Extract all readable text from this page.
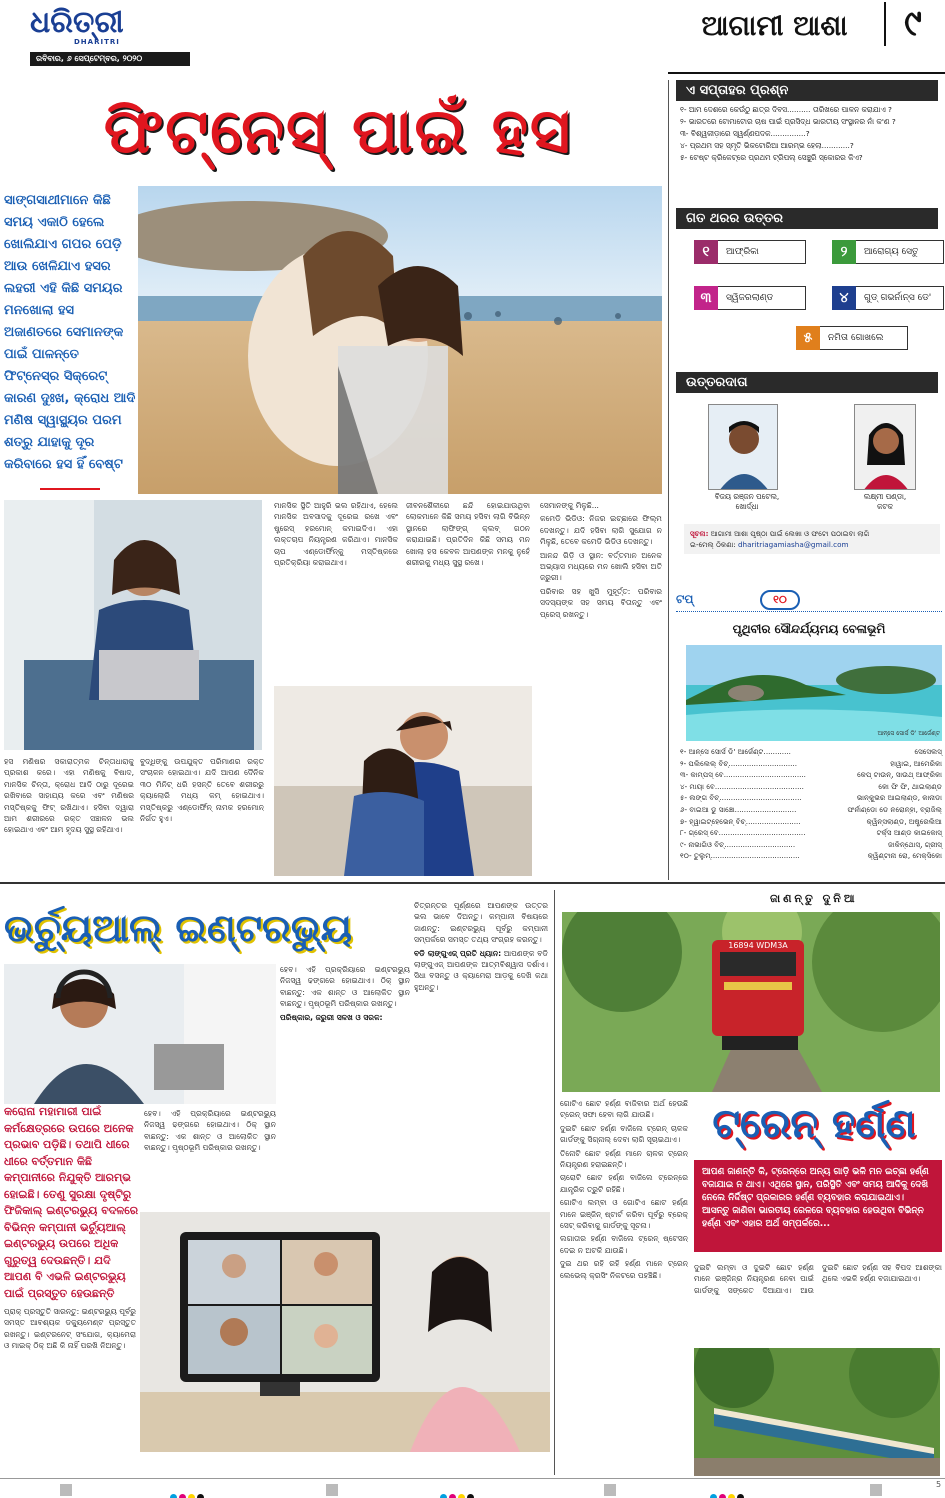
ଧରିତ୍ରୀ
DHARITRI
ରବିବାର, ୬ ସେପ୍ଟେମ୍ବର, ୨୦୨୦
ଆଗାମୀ ଆଶା	୯
ଫିଟ୍‌ନେସ୍‌ ପାଇଁ ହସ
ସାଙ୍ଗସାଥୀମାନେ କିଛି ସମୟ ଏକାଠି ହେଲେ ଖୋଲିଯାଏ ଗପର ପେଡ଼ି ଆଉ ଖେଳିଯାଏ ହସର ଲହରୀ ଏହି କିଛି ସମୟର ମନଖୋଲା ହସ ଅଜାଣତରେ ସେମାନଙ୍କ ପାଇଁ ପାଳନ୍ତେ ଫିଟ୍‌ନେସ୍‌ର ସିକ୍ରେଟ୍ କାରଣ ଦୁଃଖ, କ୍ରୋଧ ଆଦି ମଣିଷ ସ୍ୱାସ୍ଥ୍ୟର ପରମ ଶତ୍ରୁ ଯାହାକୁ ଦୂର କରିବାରେ ହସ ହିଁ ବେଷ୍ଟ

ହସ ମଣିଷର ସକାରାତ୍ମକ ଚିନ୍ତାଧାରାକୁ ପ୍ରକାଶ କରେ। ଏହା ମଣିଷକୁ ବିଷାଦ, ମାନସିକ ଚିନ୍ତା, କ୍ରୋଧ ଆଦି ଠାରୁ ଦୂରେଇ ରଖିବାରେ ସାହାଯ୍ୟ କରେ ଏବଂ ମଣିଷର ମସ୍ତିଷ୍କକୁ ଫିଟ୍ ରଖିଥାଏ। ହସିବା ଦ୍ୱାରା ଆମ ଶରୀରରେ ରକ୍ତ ସଞ୍ଚାଳନ ଭଲ ହୋଇଥାଏ ଏବଂ ଆମ ହୃଦୟ ସୁସ୍ଥ ରହିଥାଏ।

ବୁଦ୍ଧିଙ୍କୁ ଉପଯୁକ୍ତ ପରିମାଣର ରକ୍ତ ସଂଚାଳନ ହୋଇଥାଏ। ଯଦି ଆପଣ ଦୈନିକ ୩୦ ମିନିଟ୍ ଧରି ହସନ୍ତି ତେବେ ଶରୀରରୁ କ୍ୟାଲୋରି ମଧ୍ୟ କମ୍ ହୋଇଥାଏ। ମସ୍ତିଷ୍କରୁ ଏଣ୍ଡୋର୍ଫିନ୍ ନାମକ ହରମୋନ୍ ନିର୍ଗତ ହୁଏ।

ମାନସିକ ସ୍ଥିତି ଆହୁରି ଭଲ ରହିଥାଏ, ହେଲେ ମାନସିକ ଅବସାଦକୁ ଦୂରେଇ ରଖେ ଏବଂ ଷ୍ଟ୍ରେସ୍ ହରମୋନ୍ କମାଇଦିଏ। ଏହା ଲକ୍ତଚାପ ନିୟନ୍ତ୍ରଣ କରିଥାଏ। ମାନସିକ ଚାପ ଏଣ୍ଡୋର୍ଫିନ୍‌କୁ ମସ୍ତିଷ୍କରେ ପ୍ରତିକ୍ରିୟା କରାଇଥାଏ।

ଜୀବନଶୈଳୀରେ ଛନ୍ଦି ହୋଇଯାଉଥିବା ଲୋକମାନେ କିଛି ସମୟ ହସିବା ଲାଗି ବିଭିନ୍ନ ସ୍ଥାନରେ ଲାଫିଙ୍ଗ୍ କ୍ଲବ୍ ଗଠନ କରାଯାଇଛି। ପ୍ରତିଦିନ କିଛି ସମୟ ମନ ଖୋଲା ହସ କେବଳ ଆପଣଙ୍କ ମନକୁ ନୁହେଁ ଶରୀରକୁ ମଧ୍ୟ ସୁସ୍ଥ ରଖେ।

ସେମାନଙ୍କୁ ମିଳୁଛି...

କମେଡି ଭିଡିଓ: ନିଜର ଇଚ୍ଛାରେ ଫିଲ୍ମ ଦେଖନ୍ତୁ। ଯଦି ହସିବା ଲାଗି ସୁଯୋଗ ନ ମିଳୁଛି, ତେବେ କମେଡି ଭିଡିଓ ଦେଖନ୍ତୁ।

ଆନନ୍ଦ ଗିଡ଼ି ଓ ସ୍ଥାନ: ବର୍ତ୍ତମାନ ଅନେକ ଅଭ୍ୟାସ ମଧ୍ୟରେ ମନ ଖୋଲି ହସିବା ଅତି ଜରୁରୀ।

ପରିବାର ସହ ଖୁସି ମୁହୂର୍ତ୍ତ: ପରିବାର ସଦସ୍ୟଙ୍କ ସହ ସମୟ ବିତାନ୍ତୁ ଏବଂ ପ୍ରେସ୍ ରଖନ୍ତୁ।

ଏ ସପ୍ତାହର ପ୍ରଶ୍ନ
୧- ଆମ ଦେଶରେ କେଉଁଠୁ ଛାତ୍ର ଦିବସ.......... ତାରିଖରେ ପାଳନ କରାଯାଏ ?
୨- ଭାରତରେ ଟୋମାଟୋର ଚାଷ ପାଇଁ ପ୍ରସିଦ୍ଧ ଭାରତୀୟ ସଂସ୍ଥାନର ନାଁ କ'ଣ ?
୩- ବିଶ୍ୱକୀଡ଼ାରେ ସ୍ୱର୍ଣ୍ଣପଦକ...............?
୪- ପ୍ରଥମ ସହ ସ୍ମୃତି ଭିକଟୋରିଆ ଆରମ୍ଭ ହେଲା............?
୫- ଟେଷ୍ଟ କ୍ରିକେଟ୍‌ରେ ପ୍ରଥମ ଟ୍ରିପଲ୍ ସେଞ୍ଚୁରି ସ୍କୋରର କିଏ?
ଗତ ଥରର ଉତ୍ତର
୧	ଆଫ୍ରିକା	୨	ଆରୋଗ୍ୟ ସେତୁ
୩	ସ୍ୱିଜରଲାଣ୍ଡ	୪	ଗୁଡ୍ ଗଭର୍ନାନ୍ସ ଡେ'
୫	ନମିତା ଗୋଖଲେ
ଉତ୍ତରଦାତା
ବିଜୟ ରଞ୍ଜନ ପଟେଲ,
ଖୋର୍ଦ୍ଧା
ଲକ୍ଷ୍ମୀ ପଣ୍ଡା,
କଟକ
ସୂଚନା: ଆଗାମୀ ଆଶା ପୃଷ୍ଠା ପାଇଁ ଲେଖା ଓ ଫଟୋ ପଠାଇବା ଲାଗି
ଇ-ମେଲ୍ ଠିକଣା: dharitriagamiasha@gmail.com
ଟପ୍	୧୦
ପୃଥିବୀର ସୌନ୍ଦର୍ଯ୍ୟମୟ ବେଳାଭୂମି
ଆନ୍ସେ ସୋର୍ସ ଡି' ଆର୍ଜେଣ୍ଟ
୧- ଆନ୍ସେ ସୋର୍ସ ଡି' ଆର୍ଜେଣ୍ଟ............	ସେସେଲସ୍
୨- ପଲିଲେଲ୍ ବିଚ୍..............................	ହାୱାଇ, ଆମେରିକା
୩- କାମ୍ପସ୍ ବେ....................................	କେପ୍ ଟାଉନ୍, ସାଉଥ୍ ଆଫ୍ରିକା
୪- ମାୟା ବେ.......................................	କୋ ଫି ଫି, ଥାଇଲାଣ୍ଡ
୫- ଲଙ୍ଗ ବିଚ୍....................................	ଭାନ୍‌କୁଭର ଆଇଲାଣ୍ଡ, କାନାଡା
୬- ବାଇଆ ଡୁ ସାଞ୍ଚୋ...........................	ଫର୍ନାଣ୍ଡୋ ଡେ ନରୋନ୍ହା, ବ୍ରାଜିଲ୍
୭- ହ୍ୱାଇଟ୍‌ହେଭେନ୍ ବିଚ୍........................	କ୍ୱିନ୍ସଲାଣ୍ଡ, ଅଷ୍ଟ୍ରେଲିଆ
୮- ଗ୍ରେସ୍ ବେ......................................	ଟର୍କ୍ସ ଆଣ୍ଡ କାଇକୋସ୍
୯- ନାଭାଗିଓ ବିଚ୍...............................	ଜାକିନ୍‌ଥୋସ୍, ଗ୍ରୀସ୍
୧୦- ତୁଲୁମ୍.......................................	କ୍ୱିଣ୍ଟାନା ରୋ, ମେକ୍ସିକୋ
ଭର୍ଚ୍ୟୁଆଲ୍ ଇଣ୍ଟରଭ୍ୟୁ
କରୋନା ମହାମାରୀ ପାଇଁ କର୍ମକ୍ଷେତ୍ରରେ ଉପରେ ଅନେକ ପ୍ରଭାବ ପଡ଼ିଛି। ତଥାପି ଧୀରେ ଧୀରେ ବର୍ତ୍ତମାନ କିଛି କମ୍ପାନୀରେ ନିଯୁକ୍ତି ଆରମ୍ଭ ହୋଇଛି। ତେଣୁ ସୁରକ୍ଷା ଦୃଷ୍ଟିରୁ ଫିଜିକାଲ୍ ଇଣ୍ଟରଭ୍ୟୁ ବଦଳରେ ବିଭିନ୍ନ କମ୍ପାନୀ ଭର୍ଚ୍ୟୁଆଲ୍ ଇଣ୍ଟରଭ୍ୟୁ ଉପରେ ଅଧିକ ଗୁରୁତ୍ୱ ଦେଉଛନ୍ତି। ଯଦି ଆପଣ ବି ଏଭଳି ଇଣ୍ଟରଭ୍ୟୁ ପାଇଁ ପ୍ରସ୍ତୁତ ହେଉଛନ୍ତି

ହେବ। ଏହି ପ୍ରକ୍ରିୟାରେ ଇଣ୍ଟରଭ୍ୟୁ ନିଜସ୍ୱ ଢଙ୍ଗରେ ହୋଇଥାଏ। ଠିକ୍ ସ୍ଥାନ ବାଛନ୍ତୁ: ଏକ ଶାନ୍ତ ଓ ଆଲୋକିତ ସ୍ଥାନ ବାଛନ୍ତୁ। ପୃଷ୍ଠଭୂମି ପରିଷ୍କାର ରଖନ୍ତୁ।

ହେବ। ଏହି ପ୍ରକ୍ରିୟାରେ ଇଣ୍ଟରଭ୍ୟୁ ନିଜସ୍ୱ ଢଙ୍ଗରେ ହୋଇଥାଏ। ଠିକ୍ ସ୍ଥାନ ବାଛନ୍ତୁ: ଏକ ଶାନ୍ତ ଓ ଆଲୋକିତ ସ୍ଥାନ ବାଛନ୍ତୁ। ପୃଷ୍ଠଭୂମି ପରିଷ୍କାର ରଖନ୍ତୁ।

ପରିଷ୍କାର, ଜରୁରୀ ସଳଖ ଓ ସରଳ:

ଚିତ୍ରନ୍ତର ପୂର୍ଣ୍ଣରେ ଆପଣଙ୍କ ଉତ୍ତର ଭଲ ଭାବେ ଦିଅନ୍ତୁ। କମ୍ପାନୀ ବିଷୟରେ ଜାଣନ୍ତୁ: ଇଣ୍ଟରଭ୍ୟୁ ପୂର୍ବରୁ କମ୍ପାନୀ ସମ୍ପର୍କରେ ସମସ୍ତ ତଥ୍ୟ ସଂଗ୍ରହ କରନ୍ତୁ।

ବଡି ଲାଙ୍ଗୁଏଜ୍ ପ୍ରତି ଧ୍ୟାନ: ଆପଣଙ୍କ ବଡି ଲାଙ୍ଗୁଏଜ୍ ଆପଣଙ୍କ ଆତ୍ମବିଶ୍ୱାସ ଦର୍ଶାଏ। ସିଧା ବସନ୍ତୁ ଓ କ୍ୟାମେରା ଆଡ଼କୁ ଦେଖି କଥା ହୁଅନ୍ତୁ।

ପ୍ରାକ୍ ପ୍ରସ୍ତୁତି ସାରନ୍ତୁ: ଇଣ୍ଟରଭ୍ୟୁ ପୂର୍ବରୁ ସମସ୍ତ ଆବଶ୍ୟକ ଡକ୍ୟୁମେଣ୍ଟ ପ୍ରସ୍ତୁତ ରଖନ୍ତୁ। ଇଣ୍ଟରନେଟ୍ ସଂଯୋଗ, କ୍ୟାମେରା ଓ ମାଇକ୍ ଠିକ୍ ଅଛି କି ନାହିଁ ପରଖି ନିଅନ୍ତୁ।

ଜାଣନ୍ତୁ ଦୁନିଆ
16894 WDM3A
ଟ୍ରେନ୍ ହର୍ଣ୍ଣ
ଆପଣ ଜାଣନ୍ତି କି, ଟ୍ରେନ୍‌ରେ ଅନ୍ୟ ଗାଡ଼ି ଭଳି ମନ ଇଚ୍ଛା ହର୍ଣ୍ଣ ବଜାଯାଇ ନ ଥାଏ। ଏଥିରେ ସ୍ଥାନ, ପରିସ୍ଥିତି ଏବଂ ସମୟ ଆଦିକୁ ଦେଖି ନେଲେ ନିର୍ଦ୍ଦିଷ୍ଟ ପ୍ରକାରର ହର୍ଣ୍ଣ ବ୍ୟବହାର କରାଯାଇଥାଏ। ଆସନ୍ତୁ ଜାଣିବା ଭାରତୀୟ ରେଳରେ ବ୍ୟବହାର ହେଉଥିବା ବିଭିନ୍ନ ହର୍ଣ୍ଣ ଏବଂ ଏହାର ଅର୍ଥ ସମ୍ପର୍କରେ...

ଗୋଟିଏ ଛୋଟ ହର୍ଣ୍ଣ ବାଜିବାର ଅର୍ଥ ହେଉଛି ଟ୍ରେନ୍ ସଫା ହେବା ଲାଗି ଯାଉଛି।

ଦୁଇଟି ଛୋଟ ହର୍ଣ୍ଣ ବାଜିଲେ ଟ୍ରେନ୍ ଚାଳକ ଗାର୍ଡଙ୍କୁ ସିଗ୍‌ନାଲ୍ ଦେବା ଲାଗି ସୂଚାଇଥାଏ।

ତିନୋଟି ଛୋଟ ହର୍ଣ୍ଣ ମାନେ ଚାଳକ ଟ୍ରେନ୍ ନିୟନ୍ତ୍ରଣ ହରାଇଛନ୍ତି।

ଚାରୋଟି ଛୋଟ ହର୍ଣ୍ଣ ବାଜିଲେ ଟ୍ରେନ୍‌ରେ ଯାନ୍ତ୍ରିକ ତ୍ରୁଟି ରହିଛି।

ଗୋଟିଏ ଲମ୍ବା ଓ ଗୋଟିଏ ଛୋଟ ହର୍ଣ୍ଣ ମାନେ ଇଞ୍ଜିନ୍ ଷ୍ଟାର୍ଟ କରିବା ପୂର୍ବରୁ ବ୍ରେକ୍ ସେଟ୍ କରିବାକୁ ଗାର୍ଡଙ୍କୁ ସୂଚନା।

ଲଗାତାର ହର୍ଣ୍ଣ ବାଜିଲେ ଟ୍ରେନ୍ ଷ୍ଟେସନ୍ ଦେଇ ନ ଅଟକି ଯାଉଛି।

ଦୁଇ ଥର ରହି ରହି ହର୍ଣ୍ଣ ମାନେ ଟ୍ରେନ୍ ଲେଭେଲ୍ କ୍ରସିଂ ନିକଟରେ ପହଞ୍ଚିଛି।

ଦୁଇଟି ଲମ୍ବା ଓ ଦୁଇଟି ଛୋଟ ହର୍ଣ୍ଣ ମାନେ ଇଞ୍ଜିନ୍‌ର ନିୟନ୍ତ୍ରଣ ନେବା ପାଇଁ ଗାର୍ଡଙ୍କୁ ସଙ୍କେତ ଦିଆଯାଏ। ଆଉ ଦୁଇଟି ଛୋଟ ହର୍ଣ୍ଣ ସହ ବିପଦ ଆଶଙ୍କା ଥିଲେ ଏଭଳି ହର୍ଣ୍ଣ ବଜାଯାଇଥାଏ।

5
